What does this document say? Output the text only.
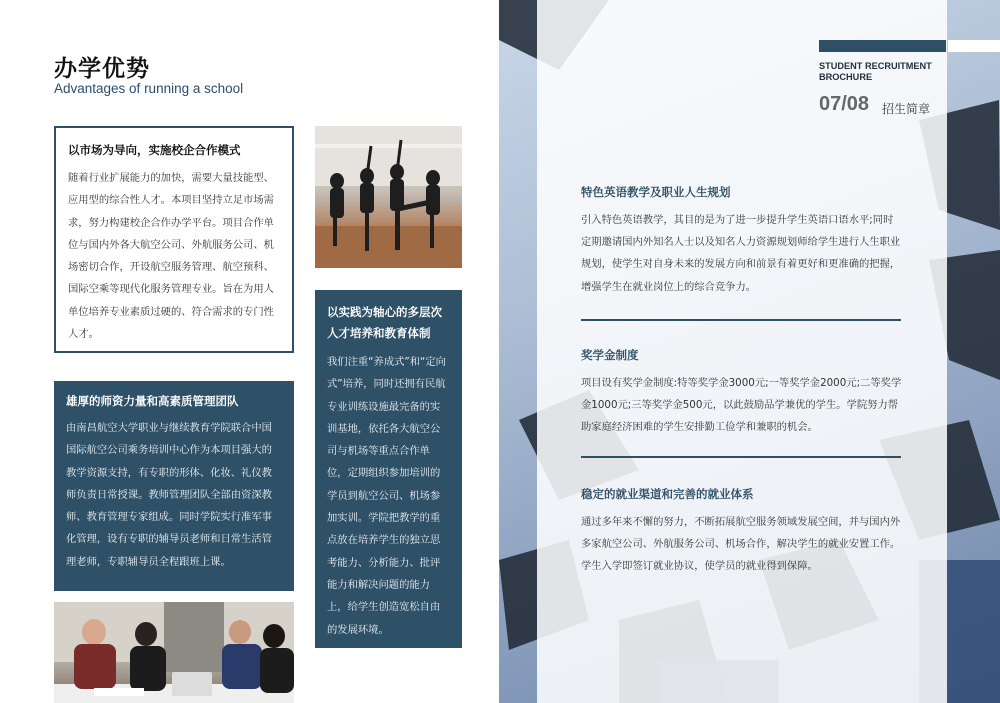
办学优势
Advantages of running a school
以市场为导向，实施校企合作模式
随着行业扩展能力的加快，需要大量技能型、应用型的综合性人才。本项目坚持立足市场需求，努力构建校企合作办学平台。项目合作单位与国内外各大航空公司、外航服务公司、机场密切合作，开设航空服务管理、航空预科、国际空乘等现代化服务管理专业。旨在为用人单位培养专业素质过硬的、符合需求的专门性人才。
雄厚的师资力量和高素质管理团队
由南昌航空大学职业与继续教育学院联合中国国际航空公司乘务培训中心作为本项目强大的教学资源支持，有专职的形体、化妆、礼仪教师负责日常授课。教师管理团队全部由资深教师、教育管理专家组成。同时学院实行准军事化管理，设有专职的辅导员老师和日常生活管理老师，专职辅导员全程跟班上课。
以实践为轴心的多层次人才培养和教育体制
我们注重“养成式”和“定向式”培养，同时还拥有民航专业训练设施最完备的实训基地，依托各大航空公司与机场等重点合作单位，定期组织参加培训的学员到航空公司、机场参加实训。学院把教学的重点放在培养学生的独立思考能力、分析能力、批评能力和解决问题的能力上，给学生创造宽松自由的发展环境。
STUDENT RECRUITMENT
BROCHURE
07/08 招生简章
特色英语教学及职业人生规划
引入特色英语教学，其目的是为了进一步提升学生英语口语水平;同时定期邀请国内外知名人士以及知名人力资源规划师给学生进行人生职业规划，使学生对自身未来的发展方向和前景有着更好和更准确的把握，增强学生在就业岗位上的综合竞争力。
奖学金制度
项目设有奖学金制度:特等奖学金3000元;一等奖学金2000元;二等奖学金1000元;三等奖学金500元，以此鼓励品学兼优的学生。学院努力帮助家庭经济困难的学生安排勤工俭学和兼职的机会。
稳定的就业渠道和完善的就业体系
通过多年来不懈的努力，不断拓展航空服务领域发展空间，并与国内外多家航空公司、外航服务公司、机场合作，解决学生的就业安置工作。学生入学即签订就业协议，使学员的就业得到保障。
